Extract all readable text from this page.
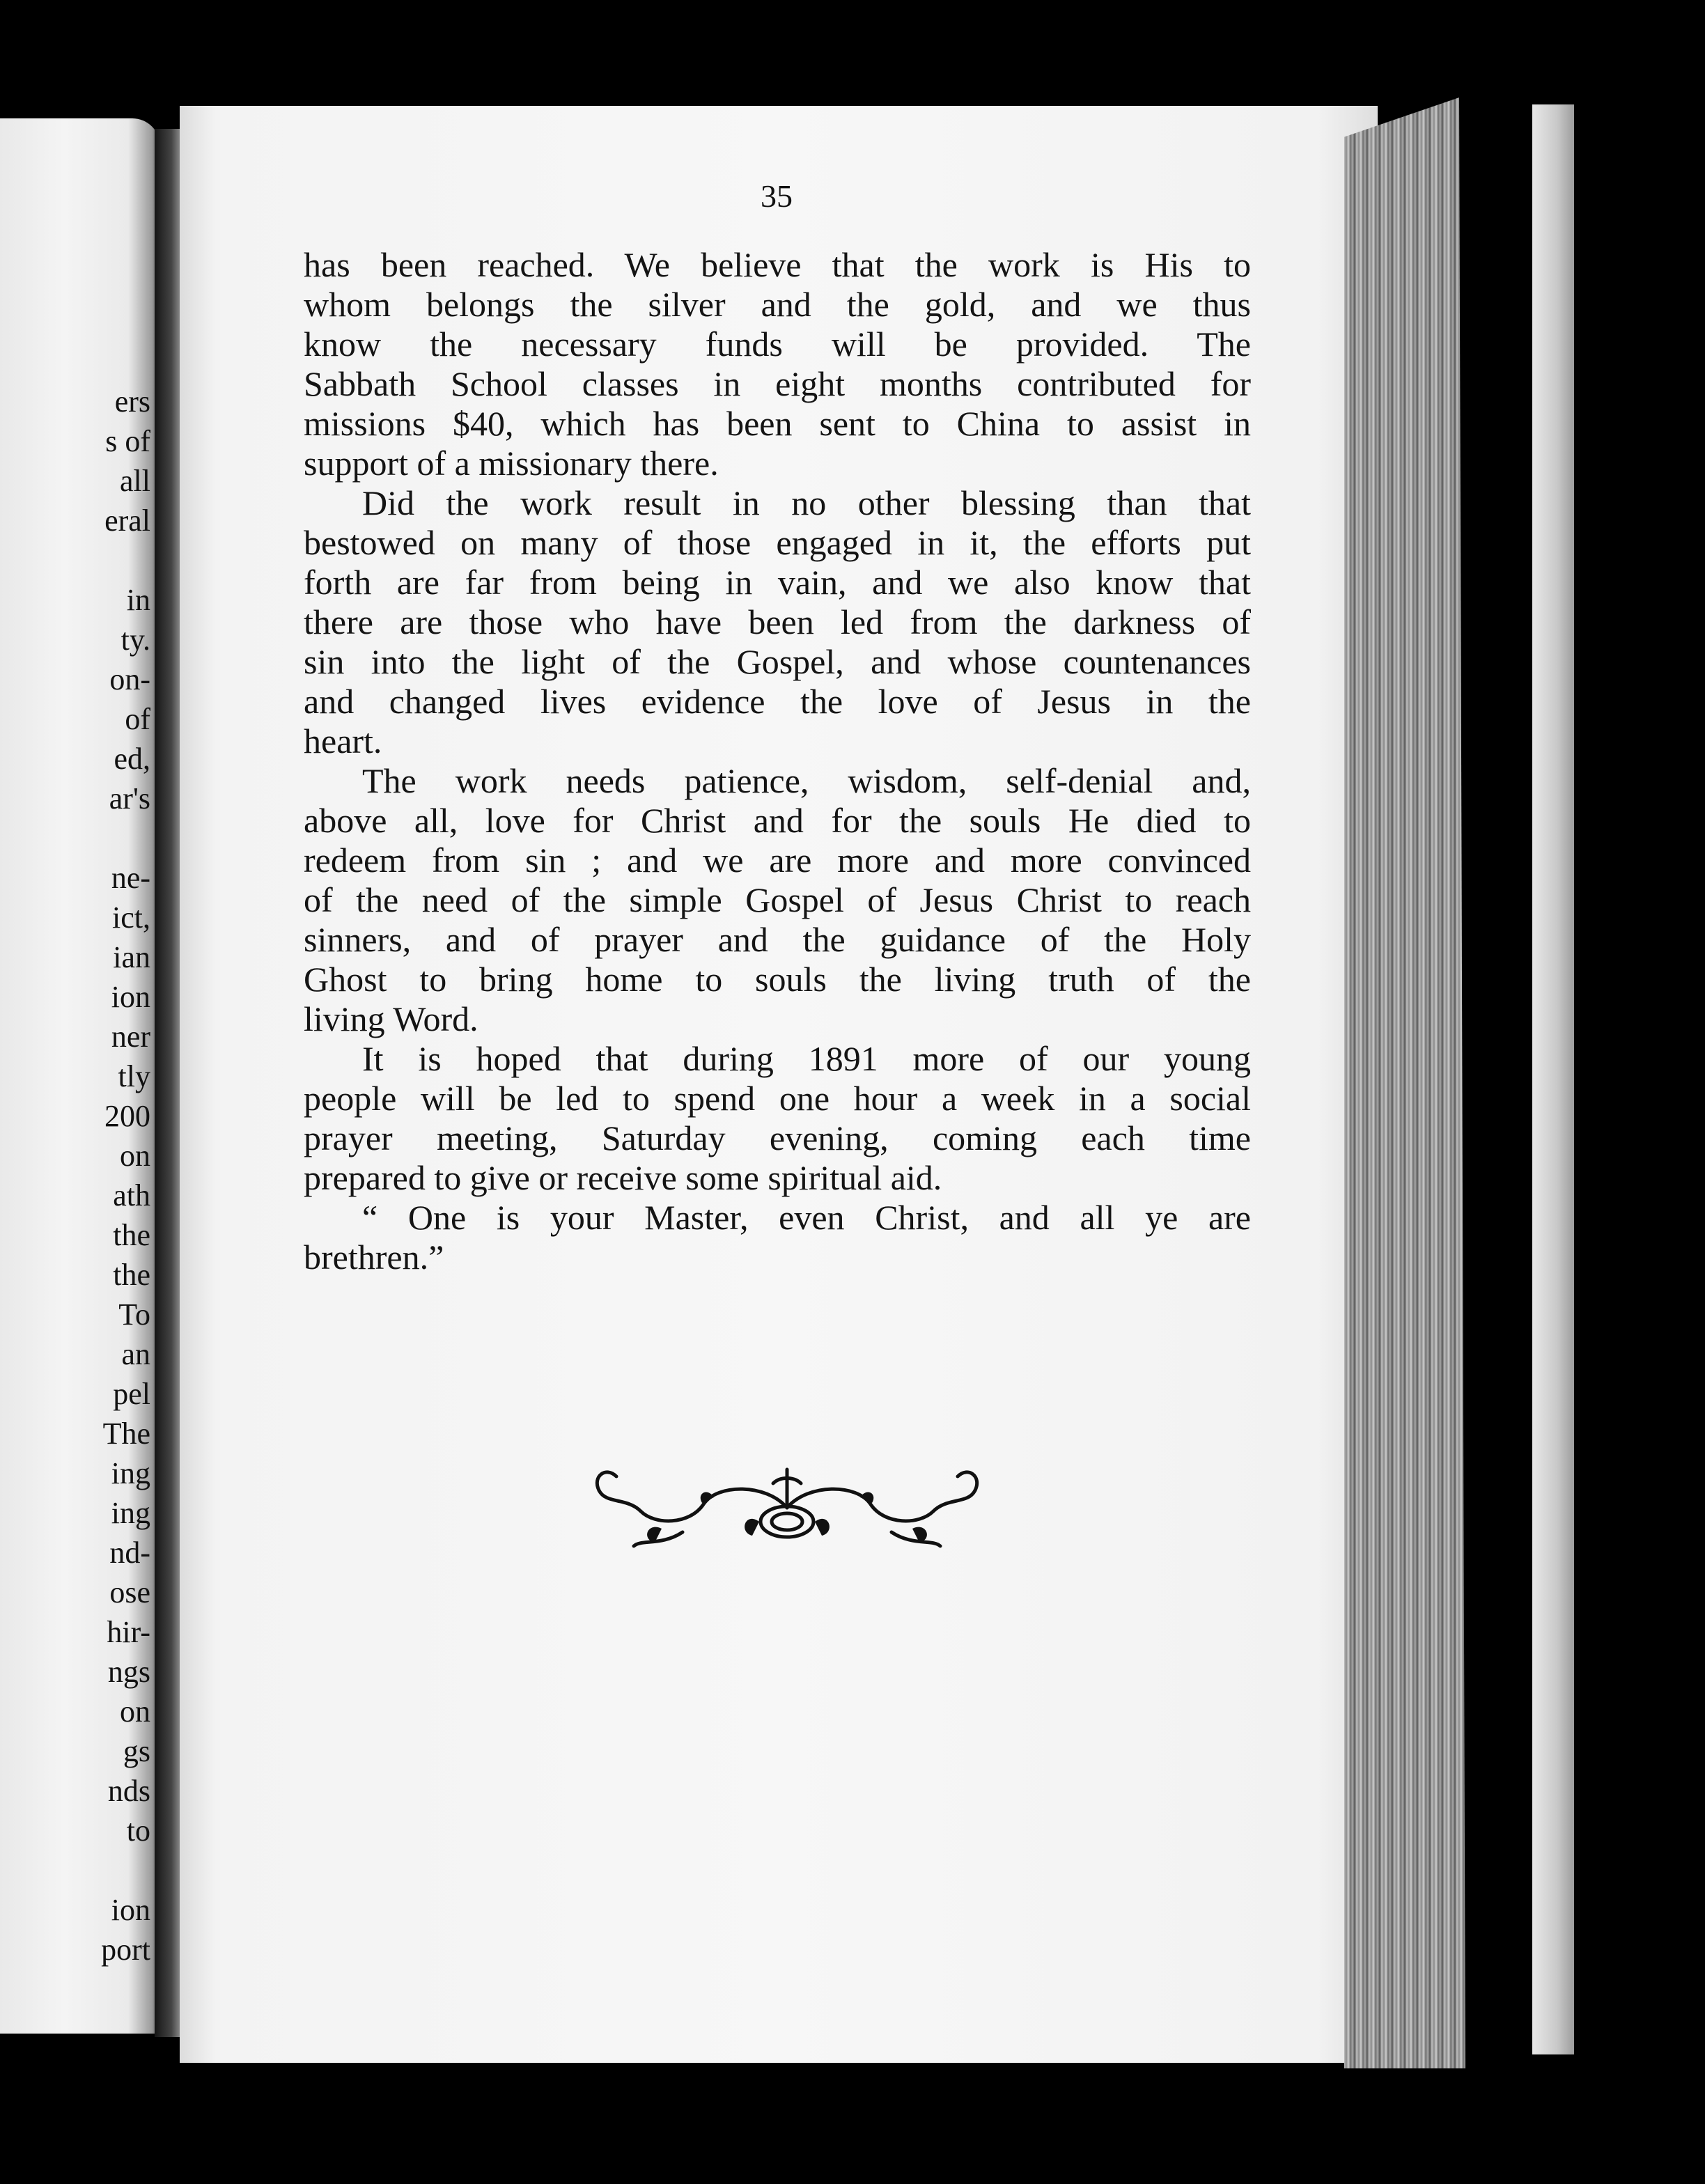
ers
s of
all
eral
in
ty.
on-
of
ed,
ar's
ne-
ict,
ian
ion
ner
tly
200
on
ath
the
the
To
an
pel
The
ing
ing
nd-
ose
hir-
ngs
on
gs
nds
to
ion
port
35
has been reached. We believe that the work is His to
whom belongs the silver and the gold, and we thus
know the necessary funds will be provided. The
Sabbath School classes in eight months contributed for
missions $40, which has been sent to China to assist in
support of a missionary there.
Did the work result in no other blessing than that
bestowed on many of those engaged in it, the efforts put
forth are far from being in vain, and we also know that
there are those who have been led from the darkness of
sin into the light of the Gospel, and whose countenances
and changed lives evidence the love of Jesus in the
heart.
The work needs patience, wisdom, self-denial and,
above all, love for Christ and for the souls He died to
redeem from sin ; and we are more and more convinced
of the need of the simple Gospel of Jesus Christ to reach
sinners, and of prayer and the guidance of the Holy
Ghost to bring home to souls the living truth of the
living Word.
It is hoped that during 1891 more of our young
people will be led to spend one hour a week in a social
prayer meeting, Saturday evening, coming each time
prepared to give or receive some spiritual aid.
“ One is your Master, even Christ, and all ye are
brethren.”
